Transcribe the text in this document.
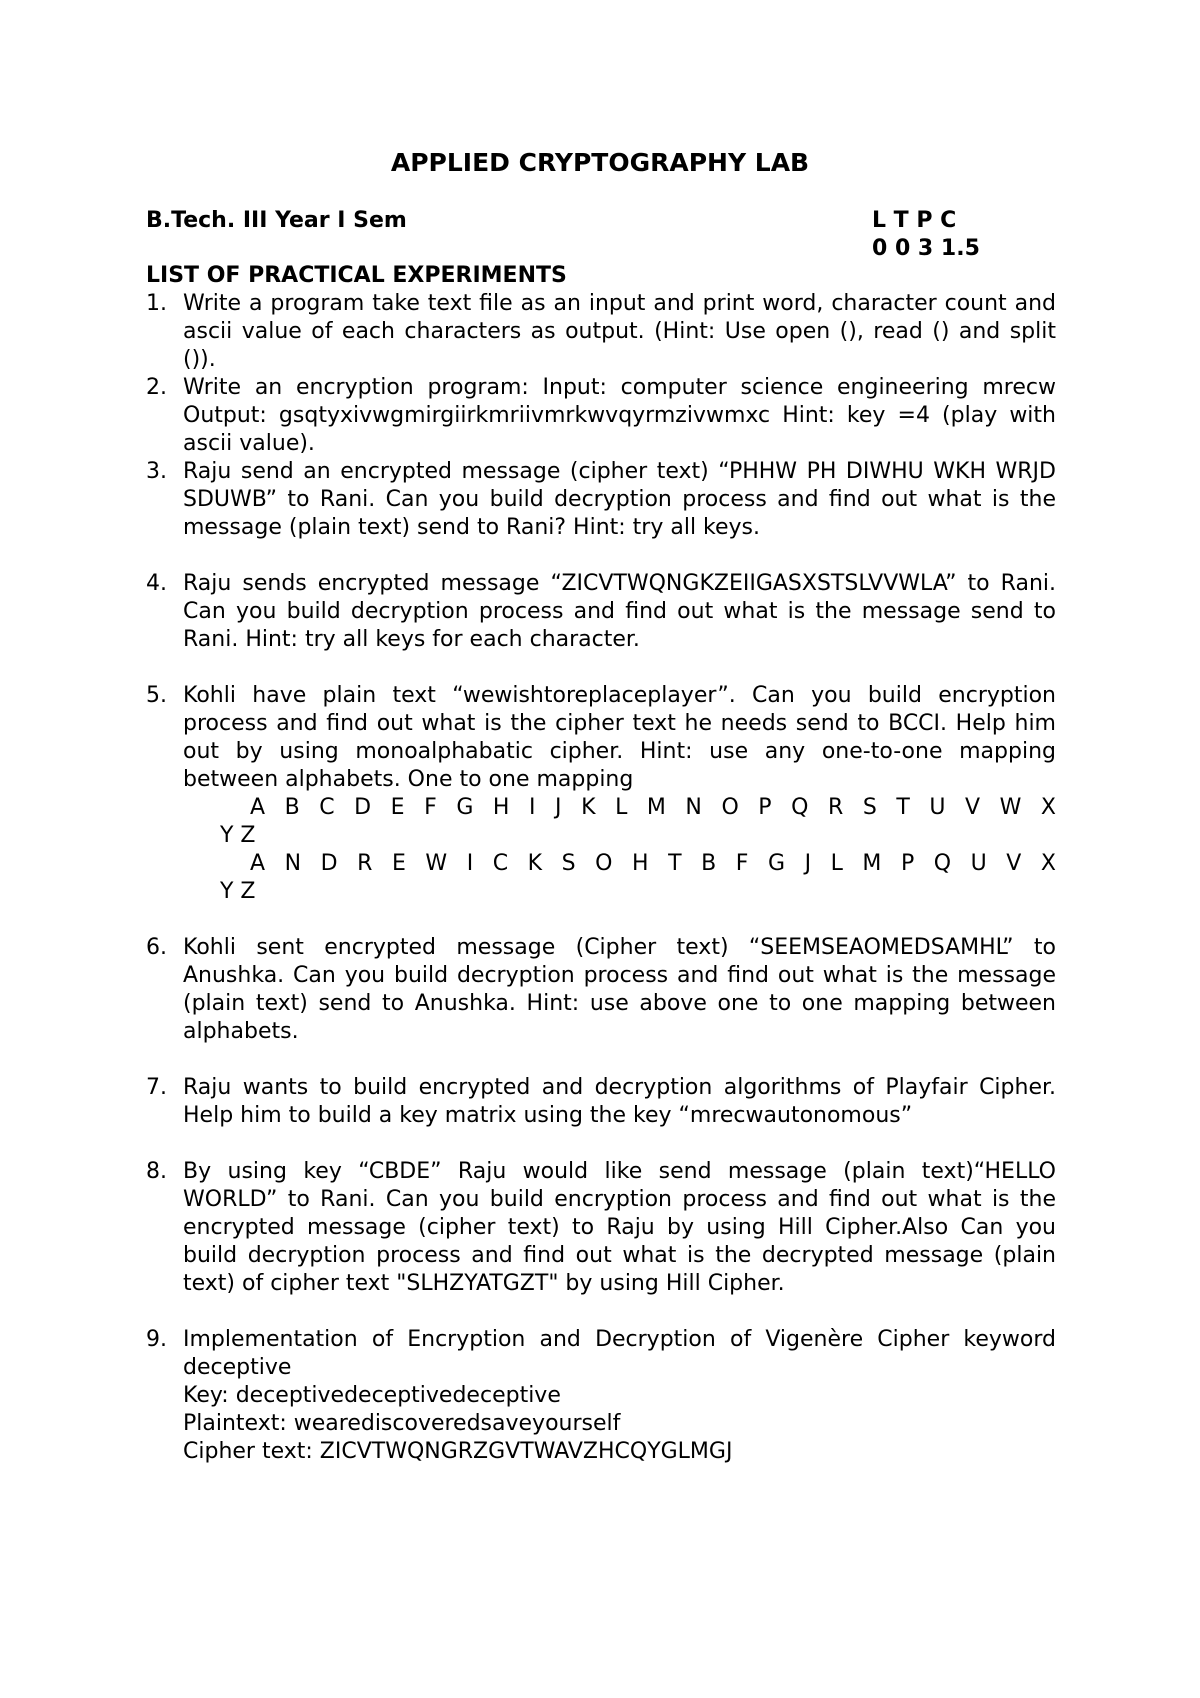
APPLIED CRYPTOGRAPHY LAB
B.Tech. III Year I Sem	L T P C
0 0 3 1.5
LIST OF PRACTICAL EXPERIMENTS
1. Write a program take text file as an input and print word, character count and ascii value of each characters as output. (Hint: Use open (), read () and split ()).
2. Write an encryption program: Input: computer science engineering mrecw Output: gsqtyxivwgmirgiirkmriivmrkwvqyrmzivwmxc Hint: key =4 (play with ascii value).
3. Raju send an encrypted message (cipher text) “PHHW PH DIWHU WKH WRJD SDUWB” to Rani. Can you build decryption process and find out what is the message (plain text) send to Rani? Hint: try all keys.
4. Raju sends encrypted message “ZICVTWQNGKZEIIGASXSTSLVVWLA” to Rani. Can you build decryption process and find out what is the message send to Rani. Hint: try all keys for each character.
5. Kohli have plain text “wewishtoreplaceplayer”. Can you build encryption process and find out what is the cipher text he needs send to BCCI. Help him out by using monoalphabatic cipher. Hint: use any one-to-one mapping between alphabets. One to one mapping
A B C D E F G H I J K L M N O P Q R S T U V W X
Y Z
A N D R E W I C K S O H T B F G J L M P Q U V X
Y Z
6. Kohli sent encrypted message (Cipher text) “SEEMSEAOMEDSAMHL” to Anushka. Can you build decryption process and find out what is the message (plain text) send to Anushka. Hint: use above one to one mapping between alphabets.
7. Raju wants to build encrypted and decryption algorithms of Playfair Cipher. Help him to build a key matrix using the key “mrecwautonomous”
8. By using key “CBDE” Raju would like send message (plain text)“HELLO WORLD” to Rani. Can you build encryption process and find out what is the encrypted message (cipher text) to Raju by using Hill Cipher.Also Can you build decryption process and find out what is the decrypted message (plain text) of cipher text "SLHZYATGZT" by using Hill Cipher.
9. Implementation of Encryption and Decryption of Vigenère Cipher keyword deceptive
Key: deceptivedeceptivedeceptive
Plaintext: wearediscoveredsaveyourself
Cipher text: ZICVTWQNGRZGVTWAVZHCQYGLMGJ
